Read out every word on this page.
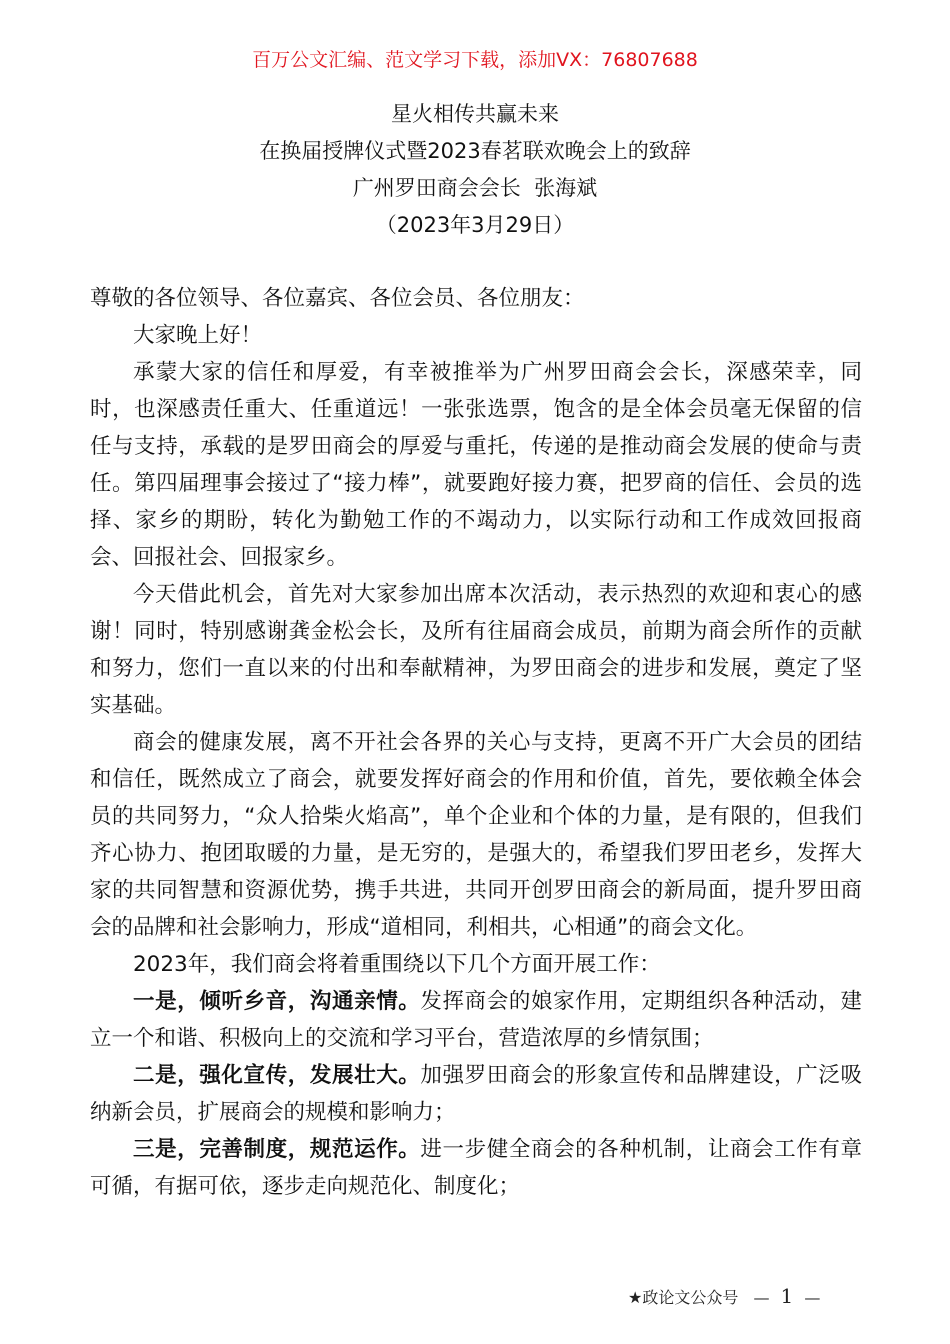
百万公文汇编、范文学习下载，添加VX：76807688
星火相传共赢未来
在换届授牌仪式暨2023春茗联欢晚会上的致辞
广州罗田商会会长  张海斌
（2023年3月29日）

尊敬的各位领导、各位嘉宾、各位会员、各位朋友：

大家晚上好！

承蒙大家的信任和厚爱，有幸被推举为广州罗田商会会长，深感荣幸，同时，也深感责任重大、任重道远！一张张选票，饱含的是全体会员毫无保留的信任与支持，承载的是罗田商会的厚爱与重托，传递的是推动商会发展的使命与责任。第四届理事会接过了“接力棒”，就要跑好接力赛，把罗商的信任、会员的选择、家乡的期盼，转化为勤勉工作的不竭动力，以实际行动和工作成效回报商会、回报社会、回报家乡。

今天借此机会，首先对大家参加出席本次活动，表示热烈的欢迎和衷心的感谢！同时，特别感谢龚金松会长，及所有往届商会成员，前期为商会所作的贡献和努力，您们一直以来的付出和奉献精神，为罗田商会的进步和发展，奠定了坚实基础。

商会的健康发展，离不开社会各界的关心与支持，更离不开广大会员的团结和信任，既然成立了商会，就要发挥好商会的作用和价值，首先，要依赖全体会员的共同努力，“众人拾柴火焰高”，单个企业和个体的力量，是有限的，但我们齐心协力、抱团取暖的力量，是无穷的，是强大的，希望我们罗田老乡，发挥大家的共同智慧和资源优势，携手共进，共同开创罗田商会的新局面，提升罗田商会的品牌和社会影响力，形成“道相同，利相共，心相通”的商会文化。

2023年，我们商会将着重围绕以下几个方面开展工作：

一是，倾听乡音，沟通亲情。发挥商会的娘家作用，定期组织各种活动，建立一个和谐、积极向上的交流和学习平台，营造浓厚的乡情氛围；

二是，强化宣传，发展壮大。加强罗田商会的形象宣传和品牌建设，广泛吸纳新会员，扩展商会的规模和影响力；

三是，完善制度，规范运作。进一步健全商会的各种机制，让商会工作有章可循，有据可依，逐步走向规范化、制度化；

★政论文公众号 — 1 —
